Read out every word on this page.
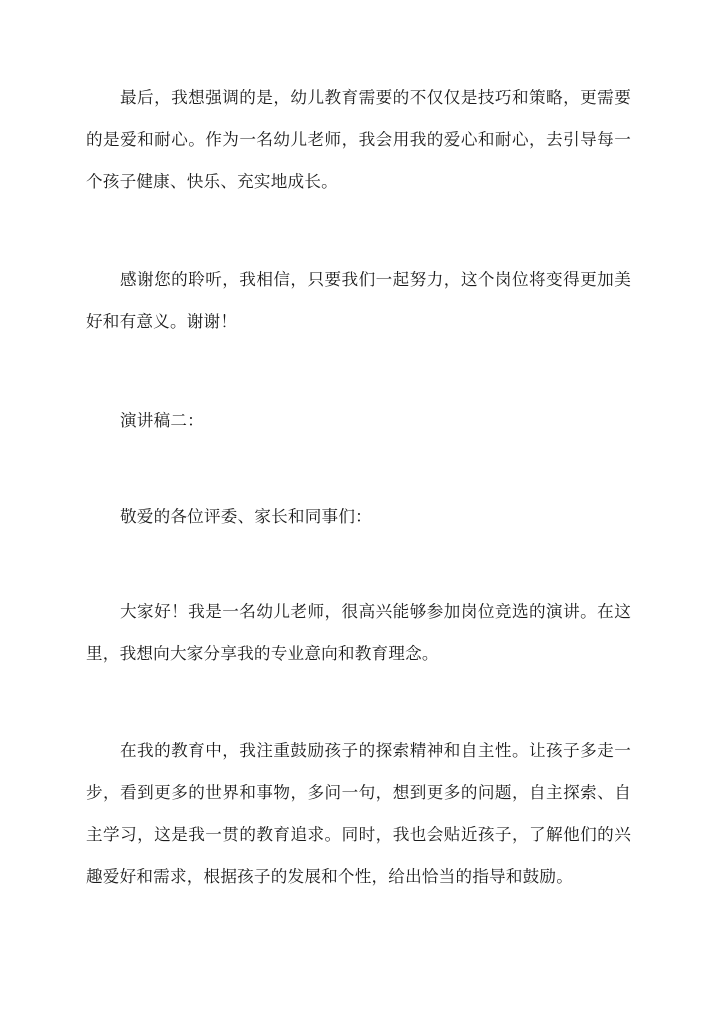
最后，我想强调的是，幼儿教育需要的不仅仅是技巧和策略，更需要的是爱和耐心。作为一名幼儿老师，我会用我的爱心和耐心，去引导每一个孩子健康、快乐、充实地成长。

感谢您的聆听，我相信，只要我们一起努力，这个岗位将变得更加美好和有意义。谢谢！

演讲稿二：

敬爱的各位评委、家长和同事们：

大家好！我是一名幼儿老师，很高兴能够参加岗位竞选的演讲。在这里，我想向大家分享我的专业意向和教育理念。

在我的教育中，我注重鼓励孩子的探索精神和自主性。让孩子多走一步，看到更多的世界和事物，多问一句，想到更多的问题，自主探索、自主学习，这是我一贯的教育追求。同时，我也会贴近孩子，了解他们的兴趣爱好和需求，根据孩子的发展和个性，给出恰当的指导和鼓励。
